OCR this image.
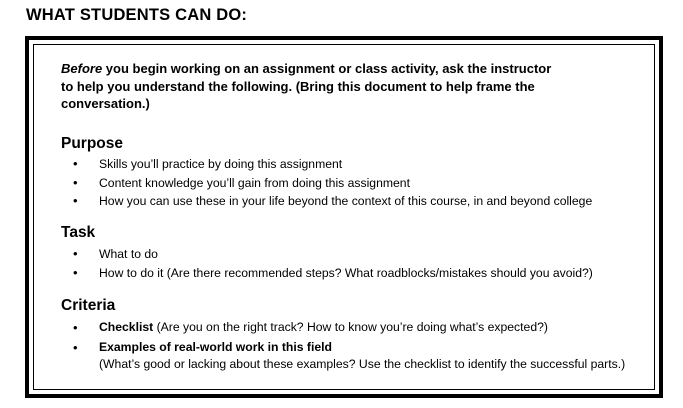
WHAT STUDENTS CAN DO:
Before you begin working on an assignment or class activity, ask the instructor
to help you understand the following. (Bring this document to help frame the
conversation.)
Purpose
• Skills you’ll practice by doing this assignment
• Content knowledge you’ll gain from doing this assignment
• How you can use these in your life beyond the context of this course, in and beyond college
Task
• What to do
• How to do it (Are there recommended steps? What roadblocks/mistakes should you avoid?)
Criteria
• Checklist (Are you on the right track? How to know you’re doing what’s expected?)
• Examples of real-world work in this field
(What’s good or lacking about these examples? Use the checklist to identify the successful parts.)
